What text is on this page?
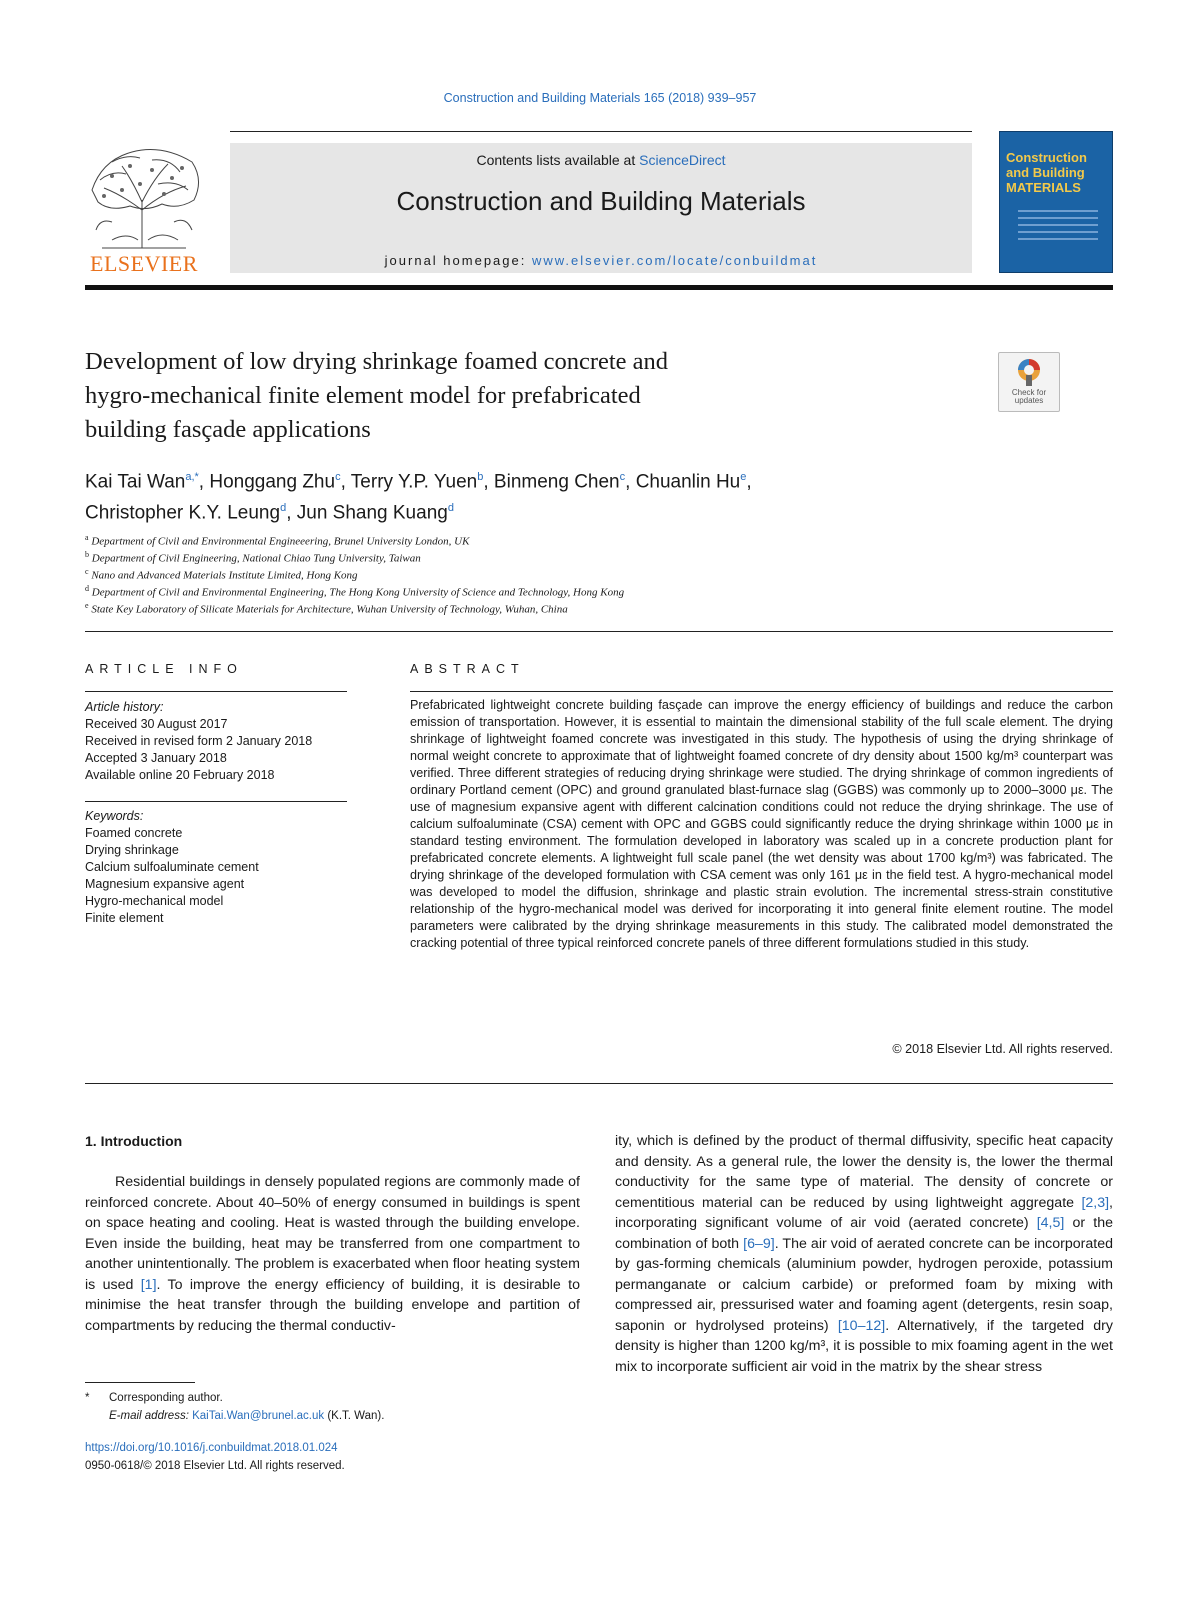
Construction and Building Materials 165 (2018) 939–957
ELSEVIER
Contents lists available at ScienceDirect
Construction and Building Materials
journal homepage: www.elsevier.com/locate/conbuildmat
Construction and Building MATERIALS
Development of low drying shrinkage foamed concrete and
hygro-mechanical finite element model for prefabricated
building fasçade applications
Check for updates
Kai Tai Wan$^{a,*}$, Honggang Zhu$^c$, Terry Y.P. Yuen$^b$, Binmeng Chen$^c$, Chuanlin Hu$^e$,
Christopher K.Y. Leung$^d$, Jun Shang Kuang$^d$
$^a$ Department of Civil and Environmental Engineeering, Brunel University London, UK
$^b$ Department of Civil Engineering, National Chiao Tung University, Taiwan
$^c$ Nano and Advanced Materials Institute Limited, Hong Kong
$^d$ Department of Civil and Environmental Engineering, The Hong Kong University of Science and Technology, Hong Kong
$^e$ State Key Laboratory of Silicate Materials for Architecture, Wuhan University of Technology, Wuhan, China
ARTICLE INFO
Article history:
Received 30 August 2017
Received in revised form 2 January 2018
Accepted 3 January 2018
Available online 20 February 2018
Keywords:
Foamed concrete
Drying shrinkage
Calcium sulfoaluminate cement
Magnesium expansive agent
Hygro-mechanical model
Finite element
ABSTRACT
Prefabricated lightweight concrete building fasçade can improve the energy efficiency of buildings and reduce the carbon emission of transportation. However, it is essential to maintain the dimensional stability of the full scale element. The drying shrinkage of lightweight foamed concrete was investigated in this study. The hypothesis of using the drying shrinkage of normal weight concrete to approximate that of lightweight foamed concrete of dry density about 1500 kg/m³ counterpart was verified. Three different strategies of reducing drying shrinkage were studied. The drying shrinkage of common ingredients of ordinary Portland cement (OPC) and ground granulated blast-furnace slag (GGBS) was commonly up to 2000–3000 με. The use of magnesium expansive agent with different calcination conditions could not reduce the drying shrinkage. The use of calcium sulfoaluminate (CSA) cement with OPC and GGBS could significantly reduce the drying shrinkage within 1000 με in standard testing environment. The formulation developed in laboratory was scaled up in a concrete production plant for prefabricated concrete elements. A lightweight full scale panel (the wet density was about 1700 kg/m³) was fabricated. The drying shrinkage of the developed formulation with CSA cement was only 161 με in the field test. A hygro-mechanical model was developed to model the diffusion, shrinkage and plastic strain evolution. The incremental stress-strain constitutive relationship of the hygro-mechanical model was derived for incorporating it into general finite element routine. The model parameters were calibrated by the drying shrinkage measurements in this study. The calibrated model demonstrated the cracking potential of three typical reinforced concrete panels of three different formulations studied in this study.
© 2018 Elsevier Ltd. All rights reserved.
1. Introduction
Residential buildings in densely populated regions are commonly made of reinforced concrete. About 40–50% of energy consumed in buildings is spent on space heating and cooling. Heat is wasted through the building envelope. Even inside the building, heat may be transferred from one compartment to another unintentionally. The problem is exacerbated when floor heating system is used [1]. To improve the energy efficiency of building, it is desirable to minimise the heat transfer through the building envelope and partition of compartments by reducing the thermal conductiv-
ity, which is defined by the product of thermal diffusivity, specific heat capacity and density. As a general rule, the lower the density is, the lower the thermal conductivity for the same type of material. The density of concrete or cementitious material can be reduced by using lightweight aggregate [2,3], incorporating significant volume of air void (aerated concrete) [4,5] or the combination of both [6–9]. The air void of aerated concrete can be incorporated by gas-forming chemicals (aluminium powder, hydrogen peroxide, potassium permanganate or calcium carbide) or preformed foam by mixing with compressed air, pressurised water and foaming agent (detergents, resin soap, saponin or hydrolysed proteins) [10–12]. Alternatively, if the targeted dry density is higher than 1200 kg/m³, it is possible to mix foaming agent in the wet mix to incorporate sufficient air void in the matrix by the shear stress
* Corresponding author.
E-mail address: KaiTai.Wan@brunel.ac.uk (K.T. Wan).
https://doi.org/10.1016/j.conbuildmat.2018.01.024
0950-0618/© 2018 Elsevier Ltd. All rights reserved.
